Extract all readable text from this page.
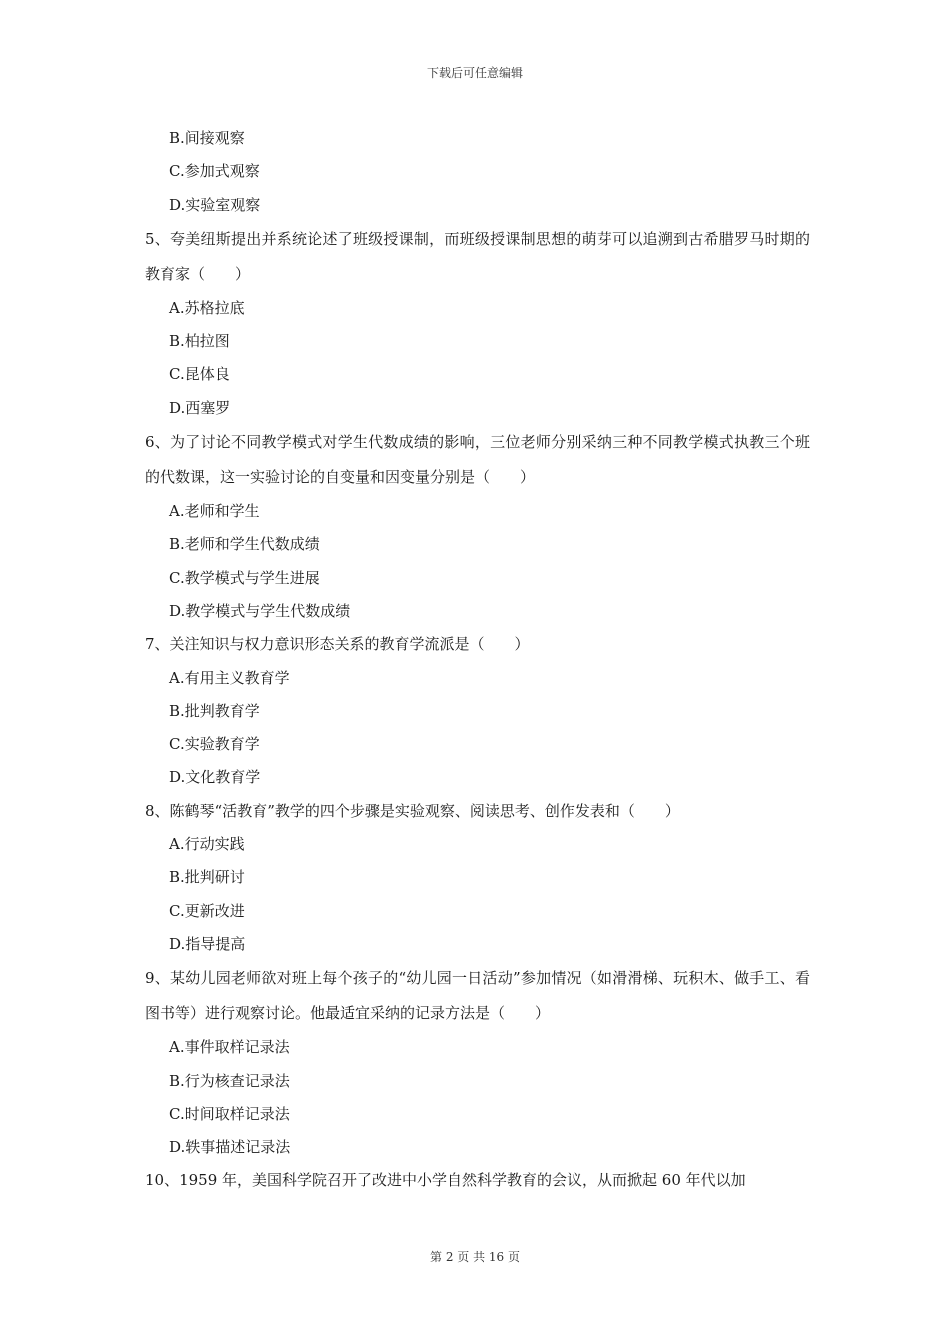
下载后可任意编辑
B.间接观察
C.参加式观察
D.实验室观察
5、夸美纽斯提出并系统论述了班级授课制，而班级授课制思想的萌芽可以追溯到古希腊罗马时期的教育家（　　）
A.苏格拉底
B.柏拉图
C.昆体良
D.西塞罗
6、为了讨论不同教学模式对学生代数成绩的影响，三位老师分别采纳三种不同教学模式执教三个班的代数课，这一实验讨论的自变量和因变量分别是（　　）
A.老师和学生
B.老师和学生代数成绩
C.教学模式与学生进展
D.教学模式与学生代数成绩
7、关注知识与权力意识形态关系的教育学流派是（　　）
A.有用主义教育学
B.批判教育学
C.实验教育学
D.文化教育学
8、陈鹤琴“活教育”教学的四个步骤是实验观察、阅读思考、创作发表和（　　）
A.行动实践
B.批判研讨
C.更新改进
D.指导提高
9、某幼儿园老师欲对班上每个孩子的“幼儿园一日活动”参加情况（如滑滑梯、玩积木、做手工、看图书等）进行观察讨论。他最适宜采纳的记录方法是（　　）
A.事件取样记录法
B.行为核查记录法
C.时间取样记录法
D.轶事描述记录法
10、1959 年，美国科学院召开了改进中小学自然科学教育的会议，从而掀起 60 年代以加
第 2 页 共 16 页
